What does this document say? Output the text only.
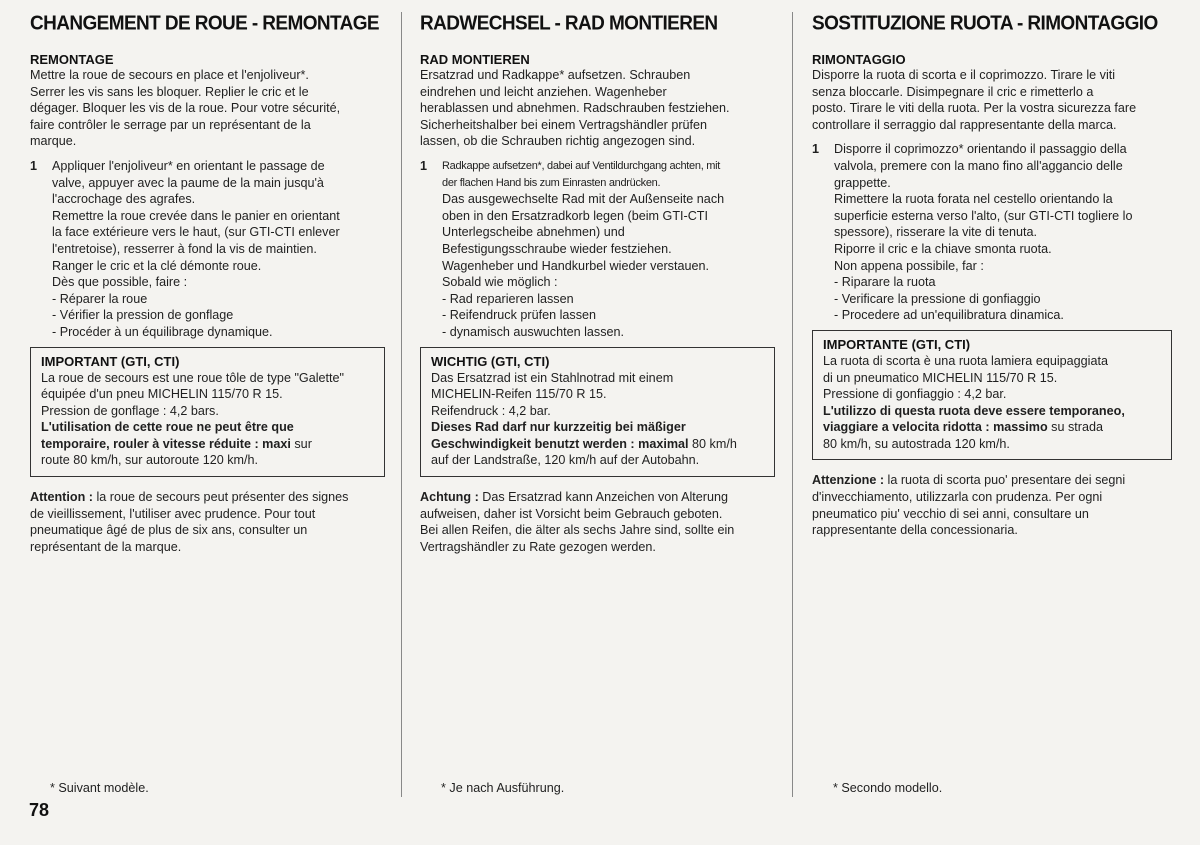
CHANGEMENT DE ROUE - REMONTAGE
REMONTAGE
Mettre la roue de secours en place et l'enjoliveur*.
Serrer les vis sans les bloquer. Replier le cric et le
dégager. Bloquer les vis de la roue. Pour votre sécurité,
faire contrôler le serrage par un représentant de la
marque.
1	Appliquer l'enjoliveur* en orientant le passage de
valve, appuyer avec la paume de la main jusqu'à
l'accrochage des agrafes.
Remettre la roue crevée dans le panier en orientant
la face extérieure vers le haut, (sur GTI-CTI enlever
l'entretoise), resserrer à fond la vis de maintien.
Ranger le cric et la clé démonte roue.
Dès que possible, faire :
- Réparer la roue
- Vérifier la pression de gonflage
- Procéder à un équilibrage dynamique.
IMPORTANT (GTI, CTI)
La roue de secours est une roue tôle de type "Galette"
équipée d'un pneu MICHELIN 115/70 R 15.
Pression de gonflage : 4,2 bars.
L'utilisation de cette roue ne peut être que
temporaire, rouler à vitesse réduite : maxi sur
route 80 km/h, sur autoroute 120 km/h.
Attention : la roue de secours peut présenter des signes
de vieillissement, l'utiliser avec prudence. Pour tout
pneumatique âgé de plus de six ans, consulter un
représentant de la marque.
RADWECHSEL - RAD MONTIEREN
RAD MONTIEREN
Ersatzrad und Radkappe* aufsetzen. Schrauben
eindrehen und leicht anziehen. Wagenheber
herablassen und abnehmen. Radschrauben festziehen.
Sicherheitshalber bei einem Vertragshändler prüfen
lassen, ob die Schrauben richtig angezogen sind.
1	Radkappe aufsetzen*, dabei auf Ventildurchgang achten, mit
der flachen Hand bis zum Einrasten andrücken.
Das ausgewechselte Rad mit der Außenseite nach
oben in den Ersatzradkorb legen (beim GTI-CTI
Unterlegscheibe abnehmen) und
Befestigungsschraube wieder festziehen.
Wagenheber und Handkurbel wieder verstauen.
Sobald wie möglich :
- Rad reparieren lassen
- Reifendruck prüfen lassen
- dynamisch auswuchten lassen.
WICHTIG (GTI, CTI)
Das Ersatzrad ist ein Stahlnotrad mit einem
MICHELIN-Reifen 115/70 R 15.
Reifendruck : 4,2 bar.
Dieses Rad darf nur kurzzeitig bei mäßiger
Geschwindigkeit benutzt werden : maximal 80 km/h
auf der Landstraße, 120 km/h auf der Autobahn.
Achtung : Das Ersatzrad kann Anzeichen von Alterung
aufweisen, daher ist Vorsicht beim Gebrauch geboten.
Bei allen Reifen, die älter als sechs Jahre sind, sollte ein
Vertragshändler zu Rate gezogen werden.
SOSTITUZIONE RUOTA - RIMONTAGGIO
RIMONTAGGIO
Disporre la ruota di scorta e il coprimozzo. Tirare le viti
senza bloccarle. Disimpegnare il cric e rimetterlo a
posto. Tirare le viti della ruota. Per la vostra sicurezza fare
controllare il serraggio dal rappresentante della marca.
1	Disporre il coprimozzo* orientando il passaggio della
valvola, premere con la mano fino all'aggancio delle
grappette.
Rimettere la ruota forata nel cestello orientando la
superficie esterna verso l'alto, (sur GTI-CTI togliere lo
spessore), risserare la vite di tenuta.
Riporre il cric e la chiave smonta ruota.
Non appena possibile, far :
- Riparare la ruota
- Verificare la pressione di gonfiaggio
- Procedere ad un'equilibratura dinamica.
IMPORTANTE (GTI, CTI)
La ruota di scorta è una ruota lamiera equipaggiata
di un pneumatico MICHELIN 115/70 R 15.
Pressione di gonfiaggio : 4,2 bar.
L'utilizzo di questa ruota deve essere temporaneo,
viaggiare a velocita ridotta : massimo su strada
80 km/h, su autostrada 120 km/h.
Attenzione : la ruota di scorta puo' presentare dei segni
d'invecchiamento, utilizzarla con prudenza. Per ogni
pneumatico piu' vecchio di sei anni, consultare un
rappresentante della concessionaria.
* Suivant modèle.	* Je nach Ausführung.	* Secondo modello.
78
